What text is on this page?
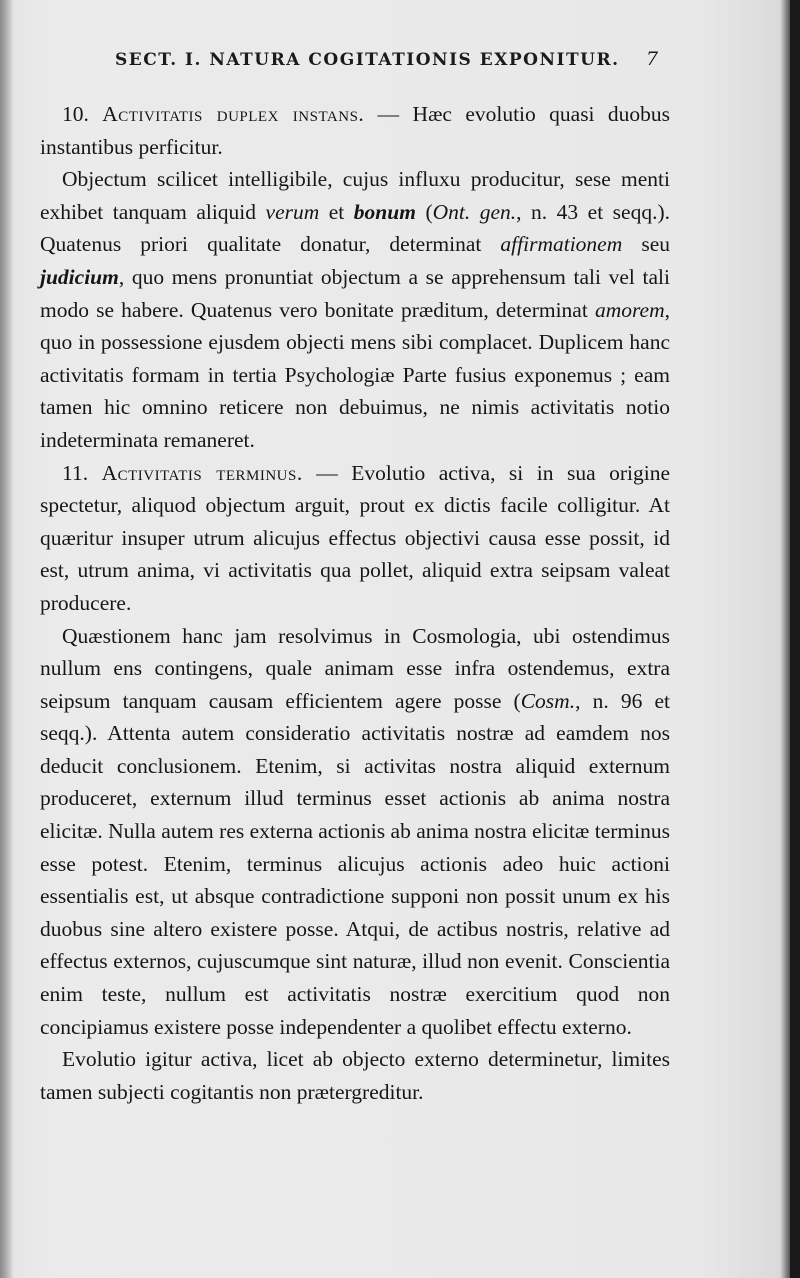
SECT. I. NATURA COGITATIONIS EXPONITUR.	7

10. Activitatis duplex instans. — Hæc evolutio quasi duobus instantibus perficitur.

Objectum scilicet intelligibile, cujus influxu producitur, sese menti exhibet tanquam aliquid verum et bonum (Ont. gen., n. 43 et seqq.). Quatenus priori qualitate donatur, determinat affirmationem seu judicium, quo mens pronuntiat objectum a se apprehensum tali vel tali modo se habere. Quatenus vero bonitate præditum, determinat amorem, quo in possessione ejusdem objecti mens sibi complacet. Duplicem hanc activitatis formam in tertia Psychologiæ Parte fusius exponemus ; eam tamen hic omnino reticere non debuimus, ne nimis activitatis notio indeterminata remaneret.

11. Activitatis terminus. — Evolutio activa, si in sua origine spectetur, aliquod objectum arguit, prout ex dictis facile colligitur. At quæritur insuper utrum alicujus effectus objectivi causa esse possit, id est, utrum anima, vi activitatis qua pollet, aliquid extra seipsam valeat producere.

Quæstionem hanc jam resolvimus in Cosmologia, ubi ostendimus nullum ens contingens, quale animam esse infra ostendemus, extra seipsum tanquam causam efficientem agere posse (Cosm., n. 96 et seqq.). Attenta autem consideratio activitatis nostræ ad eamdem nos deducit conclusionem. Etenim, si activitas nostra aliquid externum produceret, externum illud terminus esset actionis ab anima nostra elicitæ. Nulla autem res externa actionis ab anima nostra elicitæ terminus esse potest. Etenim, terminus alicujus actionis adeo huic actioni essentialis est, ut absque contradictione supponi non possit unum ex his duobus sine altero existere posse. Atqui, de actibus nostris, relative ad effectus externos, cujuscumque sint naturæ, illud non evenit. Conscientia enim teste, nullum est activitatis nostræ exercitium quod non concipiamus existere posse independenter a quolibet effectu externo.

Evolutio igitur activa, licet ab objecto externo determinetur, limites tamen subjecti cogitantis non prætergreditur.
